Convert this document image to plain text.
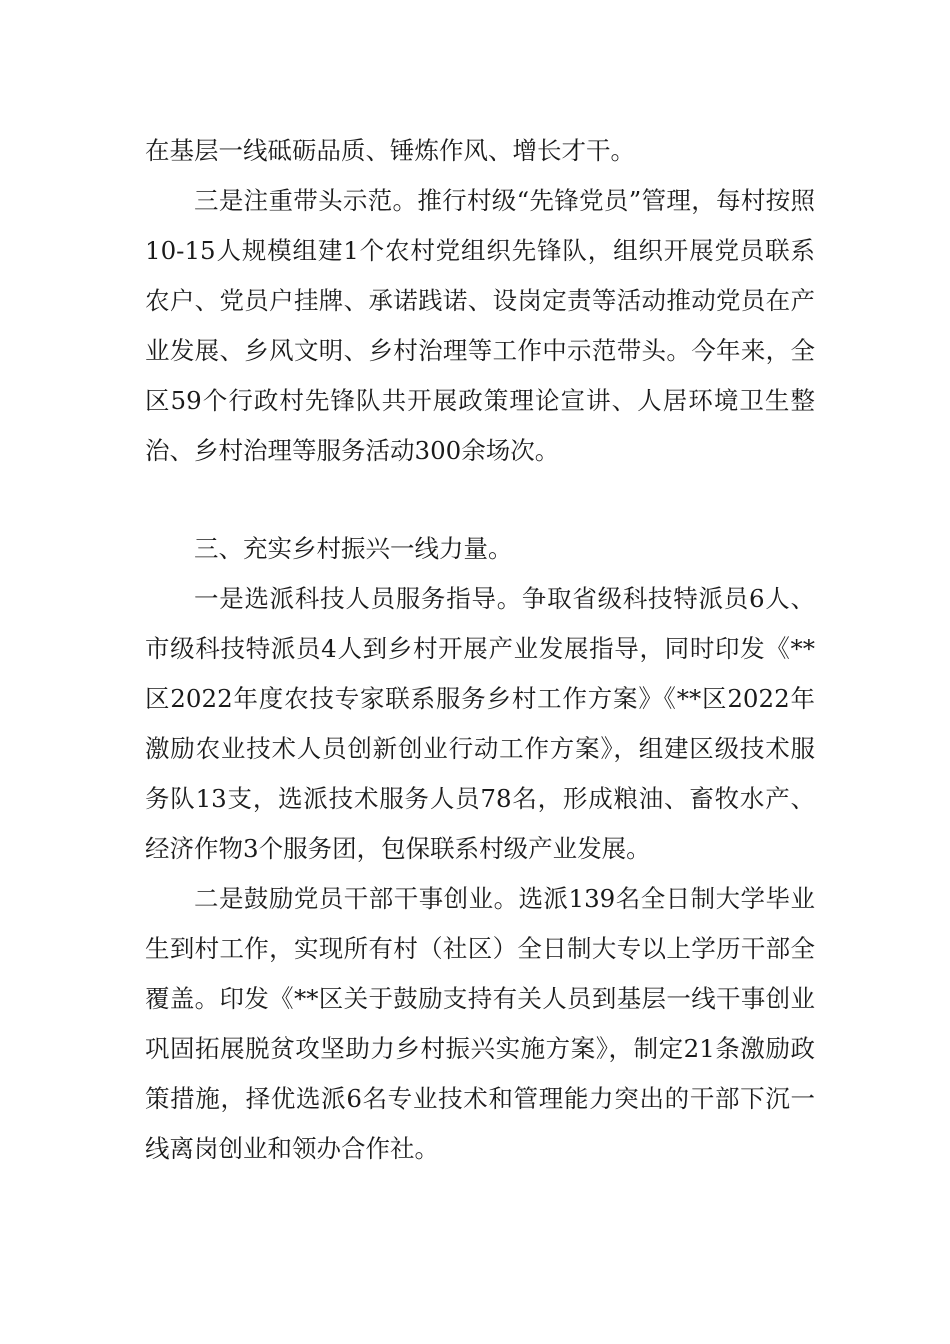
在基层一线砥砺品质、锤炼作风、增长才干。

三是注重带头示范。推行村级“先锋党员”管理，每村按照10-15人规模组建1个农村党组织先锋队，组织开展党员联系农户、党员户挂牌、承诺践诺、设岗定责等活动推动党员在产业发展、乡风文明、乡村治理等工作中示范带头。今年来，全区59个行政村先锋队共开展政策理论宣讲、人居环境卫生整治、乡村治理等服务活动300余场次。

三、充实乡村振兴一线力量。

一是选派科技人员服务指导。争取省级科技特派员6人、市级科技特派员4人到乡村开展产业发展指导，同时印发《**区2022年度农技专家联系服务乡村工作方案》《**区2022年激励农业技术人员创新创业行动工作方案》，组建区级技术服务队13支，选派技术服务人员78名，形成粮油、畜牧水产、经济作物3个服务团，包保联系村级产业发展。

二是鼓励党员干部干事创业。选派139名全日制大学毕业生到村工作，实现所有村（社区）全日制大专以上学历干部全覆盖。印发《**区关于鼓励支持有关人员到基层一线干事创业巩固拓展脱贫攻坚助力乡村振兴实施方案》，制定21条激励政策措施，择优选派6名专业技术和管理能力突出的干部下沉一线离岗创业和领办合作社。
